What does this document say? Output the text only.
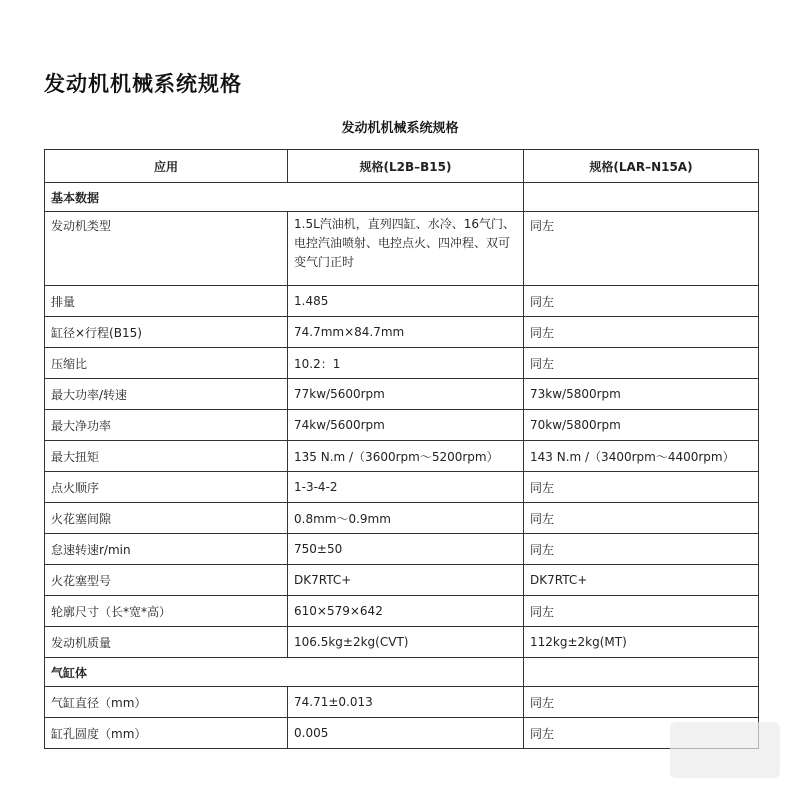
发动机机械系统规格
发动机机械系统规格
应用	规格(L2B–B15)	规格(LAR–N15A)
基本数据		
发动机类型	1.5L汽油机，直列四缸、水冷、16气门、电控汽油喷射、电控点火、四冲程、双可变气门正时	同左
排量	1.485	同左
缸径×行程(B15)	74.7mm×84.7mm	同左
压缩比	10.2：1	同左
最大功率/转速	77kw/5600rpm	73kw/5800rpm
最大净功率	74kw/5600rpm	70kw/5800rpm
最大扭矩	135 N.m /（3600rpm～5200rpm）	143 N.m /（3400rpm～4400rpm）
点火顺序	1-3-4-2	同左
火花塞间隙	0.8mm～0.9mm	同左
怠速转速r/min	750±50	同左
火花塞型号	DK7RTC+	DK7RTC+
轮廓尺寸（长*宽*高）	610×579×642	同左
发动机质量	106.5kg±2kg(CVT)	112kg±2kg(MT)
气缸体		
气缸直径（mm）	74.71±0.013	同左
缸孔圆度（mm）	0.005	同左
